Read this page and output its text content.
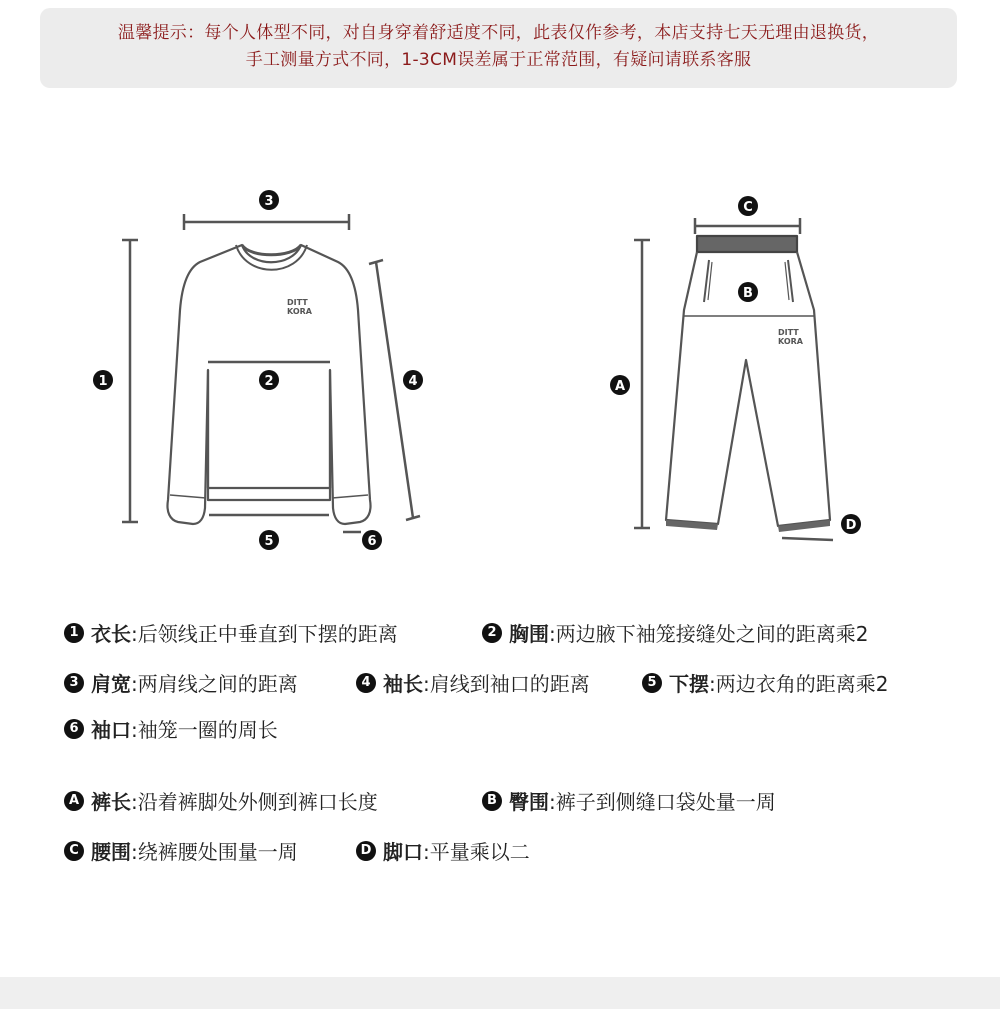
温馨提示：每个人体型不同，对自身穿着舒适度不同，此表仅作参考，本店支持七天无理由退换货，
手工测量方式不同，1-3CM误差属于正常范围，有疑问请联系客服
DITT
KORA
1	2
3
4
5	6
DITT
KORA
A
B
C
D
1 衣长 :后领线正中垂直到下摆的距离	2 胸围 :两边腋下袖笼接缝处之间的距离乘2
3 肩宽 :两肩线之间的距离	4 袖长 :肩线到袖口的距离	5 下摆 :两边衣角的距离乘2
6 袖口 :袖笼一圈的周长
A 裤长 :沿着裤脚处外侧到裤口长度	B 臀围 :裤子到侧缝口袋处量一周
C 腰围 :绕裤腰处围量一周	D 脚口 :平量乘以二
